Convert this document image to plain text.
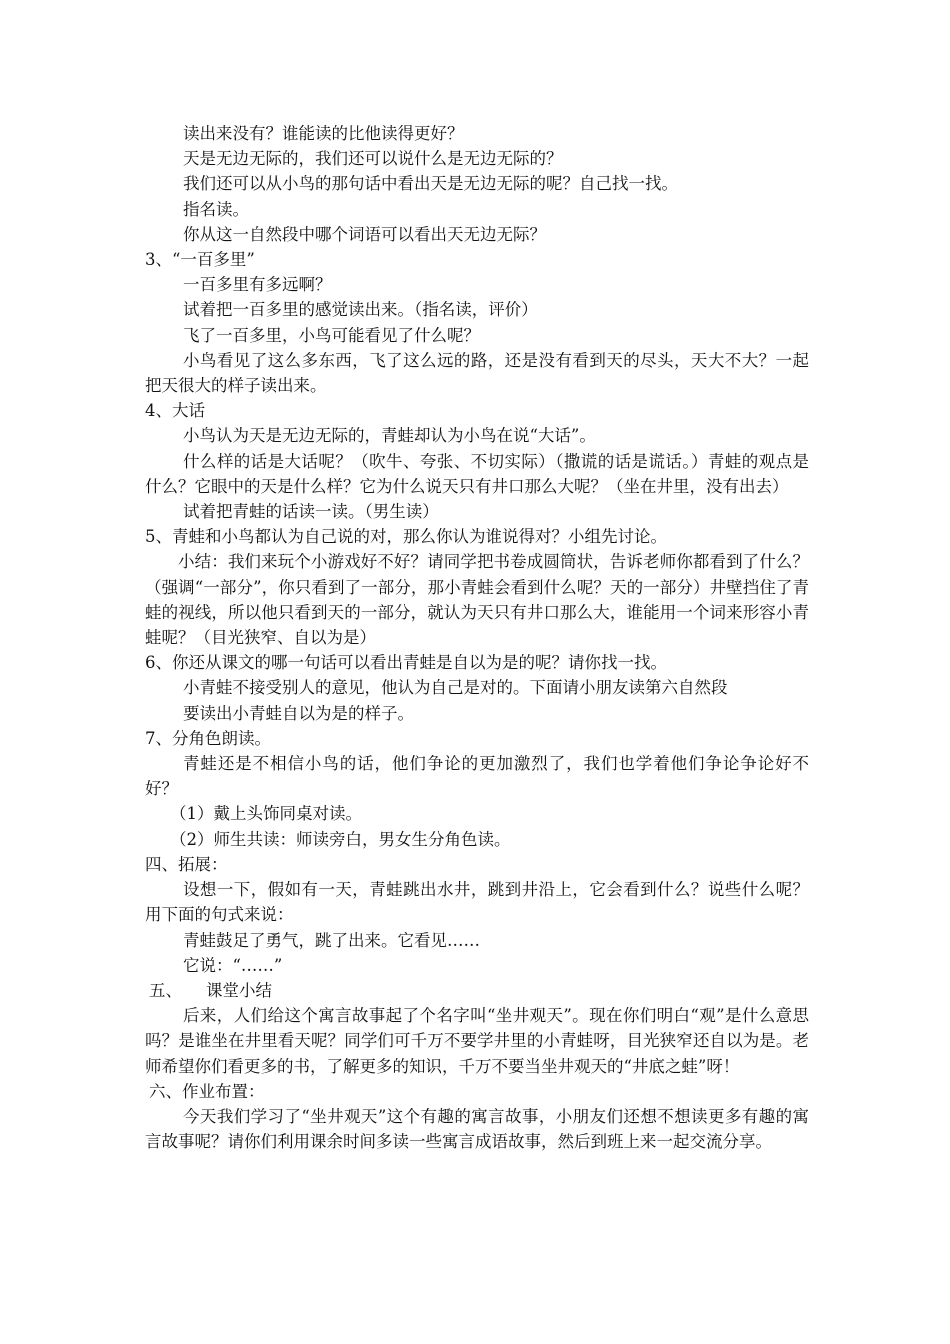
读出来没有？谁能读的比他读得更好？
天是无边无际的，我们还可以说什么是无边无际的？
我们还可以从小鸟的那句话中看出天是无边无际的呢？自己找一找。
指名读。
你从这一自然段中哪个词语可以看出天无边无际？
3、“一百多里”
一百多里有多远啊？
试着把一百多里的感觉读出来。（指名读，评价）
飞了一百多里，小鸟可能看见了什么呢？
小鸟看见了这么多东西，飞了这么远的路，还是没有看到天的尽头，天大不大？一起把天很大的样子读出来。
4、大话
小鸟认为天是无边无际的，青蛙却认为小鸟在说“大话”。
什么样的话是大话呢？（吹牛、夸张、不切实际）（撒谎的话是谎话。）青蛙的观点是什么？它眼中的天是什么样？它为什么说天只有井口那么大呢？（坐在井里，没有出去）
试着把青蛙的话读一读。（男生读）
5、青蛙和小鸟都认为自己说的对，那么你认为谁说得对？小组先讨论。
小结：我们来玩个小游戏好不好？请同学把书卷成圆筒状，告诉老师你都看到了什么？（强调“一部分”，你只看到了一部分，那小青蛙会看到什么呢？天的一部分）井壁挡住了青蛙的视线，所以他只看到天的一部分，就认为天只有井口那么大，谁能用一个词来形容小青蛙呢？（目光狭窄、自以为是）
6、你还从课文的哪一句话可以看出青蛙是自以为是的呢？请你找一找。
小青蛙不接受别人的意见，他认为自己是对的。下面请小朋友读第六自然段
要读出小青蛙自以为是的样子。
7、分角色朗读。
青蛙还是不相信小鸟的话，他们争论的更加激烈了，我们也学着他们争论争论好不好？
（1）戴上头饰同桌对读。
（2）师生共读：师读旁白，男女生分角色读。
四、拓展：
设想一下，假如有一天，青蛙跳出水井，跳到井沿上，它会看到什么？说些什么呢？用下面的句式来说：
青蛙鼓足了勇气，跳了出来。它看见……
它说：“……”
五、 课堂小结
后来，人们给这个寓言故事起了个名字叫“坐井观天”。现在你们明白“观”是什么意思吗？是谁坐在井里看天呢？同学们可千万不要学井里的小青蛙呀，目光狭窄还自以为是。老师希望你们看更多的书，了解更多的知识，千万不要当坐井观天的“井底之蛙”呀！
六、作业布置：
今天我们学习了“坐井观天”这个有趣的寓言故事，小朋友们还想不想读更多有趣的寓言故事呢？请你们利用课余时间多读一些寓言成语故事，然后到班上来一起交流分享。
